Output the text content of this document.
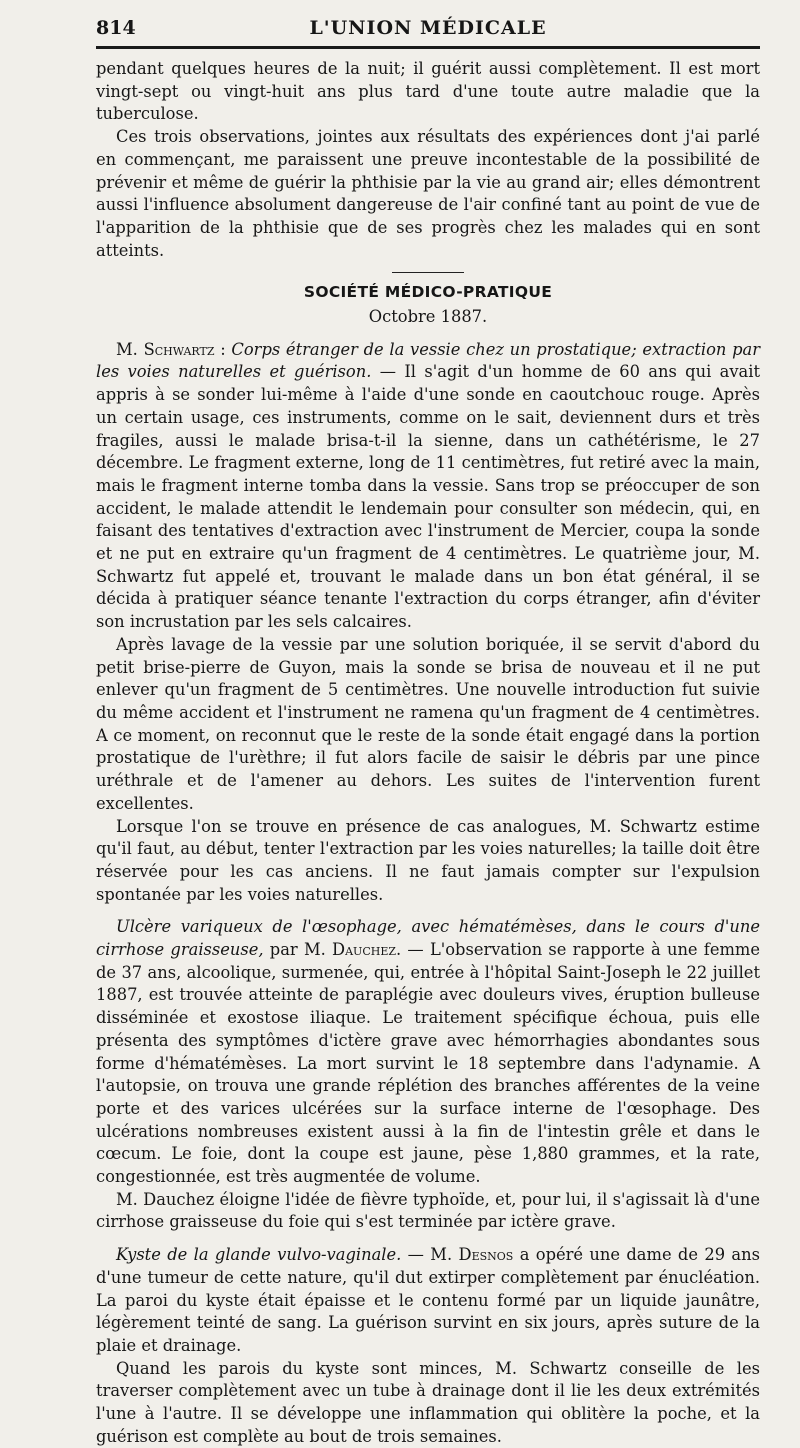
814	L'UNION MÉDICALE

pendant quelques heures de la nuit; il guérit aussi complètement. Il est mort vingt-sept ou vingt-huit ans plus tard d'une toute autre maladie que la tuberculose.

Ces trois observations, jointes aux résultats des expériences dont j'ai parlé en commençant, me paraissent une preuve incontestable de la possibilité de prévenir et même de guérir la phthisie par la vie au grand air; elles démontrent aussi l'influence absolument dangereuse de l'air confiné tant au point de vue de l'apparition de la phthisie que de ses progrès chez les malades qui en sont atteints.

SOCIÉTÉ MÉDICO-PRATIQUE
Octobre 1887.

M. Schwartz : Corps étranger de la vessie chez un prostatique; extraction par les voies naturelles et guérison. — Il s'agit d'un homme de 60 ans qui avait appris à se sonder lui-même à l'aide d'une sonde en caoutchouc rouge. Après un certain usage, ces instruments, comme on le sait, deviennent durs et très fragiles, aussi le malade brisa-t-il la sienne, dans un cathétérisme, le 27 décembre. Le fragment externe, long de 11 centimètres, fut retiré avec la main, mais le fragment interne tomba dans la vessie. Sans trop se préoccuper de son accident, le malade attendit le lendemain pour consulter son médecin, qui, en faisant des tentatives d'extraction avec l'instrument de Mercier, coupa la sonde et ne put en extraire qu'un fragment de 4 centimètres. Le quatrième jour, M. Schwartz fut appelé et, trouvant le malade dans un bon état général, il se décida à pratiquer séance tenante l'extraction du corps étranger, afin d'éviter son incrustation par les sels calcaires.

Après lavage de la vessie par une solution boriquée, il se servit d'abord du petit brise-pierre de Guyon, mais la sonde se brisa de nouveau et il ne put enlever qu'un fragment de 5 centimètres. Une nouvelle introduction fut suivie du même accident et l'instrument ne ramena qu'un fragment de 4 centimètres. A ce moment, on reconnut que le reste de la sonde était engagé dans la portion prostatique de l'urèthre; il fut alors facile de saisir le débris par une pince uréthrale et de l'amener au dehors. Les suites de l'intervention furent excellentes.

Lorsque l'on se trouve en présence de cas analogues, M. Schwartz estime qu'il faut, au début, tenter l'extraction par les voies naturelles; la taille doit être réservée pour les cas anciens. Il ne faut jamais compter sur l'expulsion spontanée par les voies naturelles.

Ulcère variqueux de l'œsophage, avec hématémèses, dans le cours d'une cirrhose graisseuse, par M. Dauchez. — L'observation se rapporte à une femme de 37 ans, alcoolique, surmenée, qui, entrée à l'hôpital Saint-Joseph le 22 juillet 1887, est trouvée atteinte de paraplégie avec douleurs vives, éruption bulleuse disséminée et exostose iliaque. Le traitement spécifique échoua, puis elle présenta des symptômes d'ictère grave avec hémorrhagies abondantes sous forme d'hématémèses. La mort survint le 18 septembre dans l'adynamie. A l'autopsie, on trouva une grande réplétion des branches afférentes de la veine porte et des varices ulcérées sur la surface interne de l'œsophage. Des ulcérations nombreuses existent aussi à la fin de l'intestin grêle et dans le cœcum. Le foie, dont la coupe est jaune, pèse 1,880 grammes, et la rate, congestionnée, est très augmentée de volume.

M. Dauchez éloigne l'idée de fièvre typhoïde, et, pour lui, il s'agissait là d'une cirrhose graisseuse du foie qui s'est terminée par ictère grave.

Kyste de la glande vulvo-vaginale. — M. Desnos a opéré une dame de 29 ans d'une tumeur de cette nature, qu'il dut extirper complètement par énucléation. La paroi du kyste était épaisse et le contenu formé par un liquide jaunâtre, légèrement teinté de sang. La guérison survint en six jours, après suture de la plaie et drainage.

Quand les parois du kyste sont minces, M. Schwartz conseille de les traverser complètement avec un tube à drainage dont il lie les deux extrémités l'une à l'autre. Il se développe une inflammation qui oblitère la poche, et la guérison est complète au bout de trois semaines.
